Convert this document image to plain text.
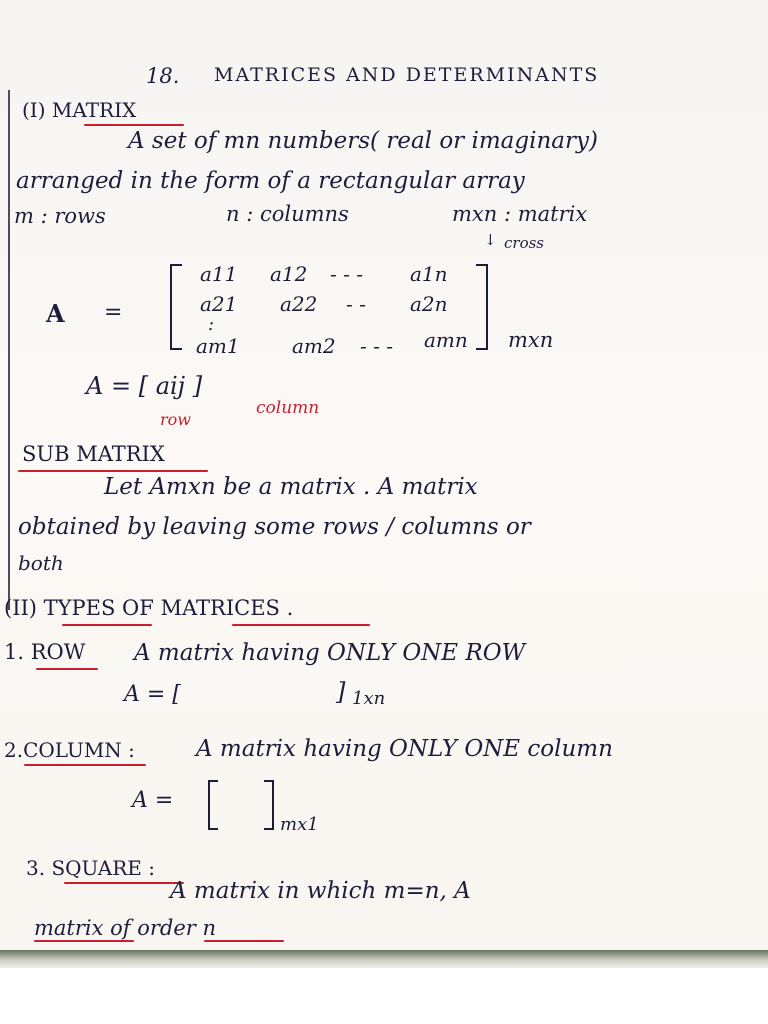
18. MATRICES AND DETERMINANTS
(I) MATRIX
A set of mn numbers( real or imaginary)
arranged in the form of a rectangular array
m : rows	n : columns	mxn : matrix
↓ cross
A =
a11 a12 - - - a1n
a21 a22 - - a2n
:
am1	am2 - - - amn mxn
A = [ aij ]
row
column
SUB MATRIX
Let Amxn be a matrix . A matrix
obtained by leaving some rows / columns or
both
(II) TYPES OF MATRICES .
1. ROW A matrix having ONLY ONE ROW
A = [	] 1xn
2.COLUMN :	A matrix having ONLY ONE column
A =
mx1
3. SQUARE :
A matrix in which m=n, A
matrix of order n
